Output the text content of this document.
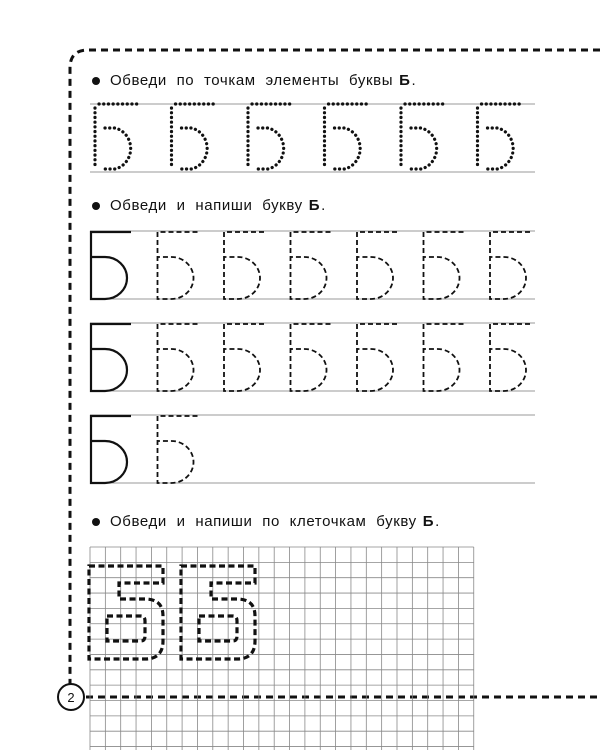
Обведи по точкам элементы буквы Б .
Обведи и напиши букву Б .
Обведи и напиши по клеточкам букву Б .
2
